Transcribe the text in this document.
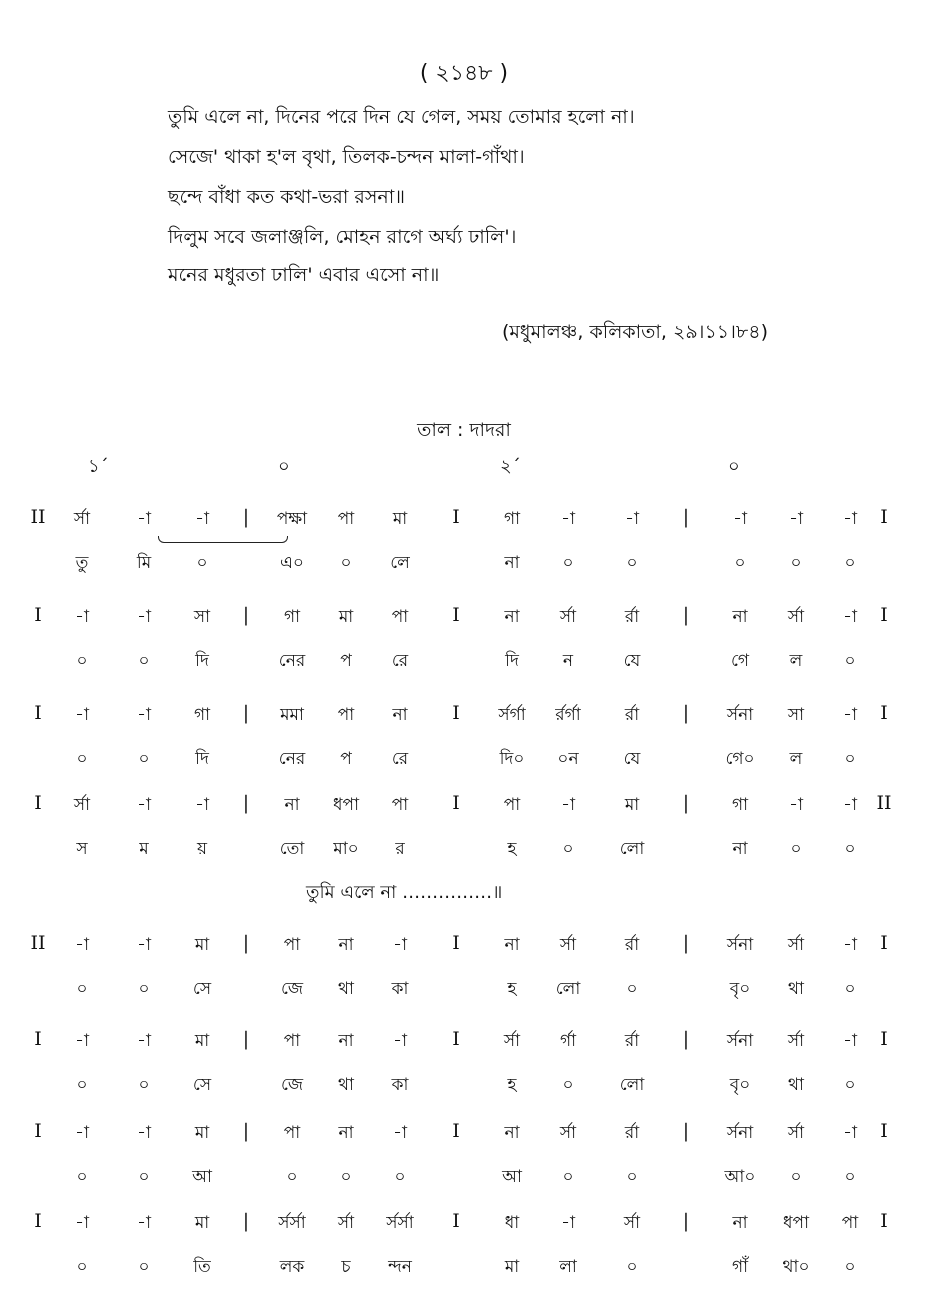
( ২১৪৮ )
তুমি এলে না, দিনের পরে দিন যে গেল, সময় তোমার হলো না।
সেজে' থাকা হ'ল বৃথা, তিলক-চন্দন মালা-গাঁথা।
ছন্দে বাঁধা কত কথা-ভরা রসনা॥
দিলুম সবে জলাঞ্জলি, মোহন রাগে অর্ঘ্য ঢালি'।
মনের মধুরতা ঢালি' এবার এসো না॥
(মধুমালঞ্চ, কলিকাতা, ২৯।১১।৮৪)
তাল : দাদরা
১´	০	২´	০
II র্সা	-া	-া | পক্ষা পা মা I	গা -া	-া |	-া -া -া I
তু	মি	০	এ০ ০ লে	না	০	০	০	০	০
I -া	-া	সা | গা মা পা I	না র্সা	র্রা |	না র্সা -া I
০	০	দি	নের প রে	দি	ন	যে	গে ল ০
I -া	-া	গা | মমা পা না I র্সর্গা র্রর্গা	র্রা | র্সনা সা -া I
০	০	দি	নের প রে	দি০ ০ন	যে	গে০ ল ০
I র্সা	-া	-া | না ধপা পা I	পা -া	মা |	গা -া -া II
স	ম	য়	তো মা০ র	হ	০	লো	না	০	০
II -া	-া	মা | পা না -া I	না র্সা	র্রা | র্সনা র্সা -া I
০	০	সে	জে থা কা	হ লো	০	বৃ০ থা ০
I -া	-া	মা | পা না -া I	র্সা র্গা	র্রা | র্সনা র্সা -া I
০	০	সে	জে থা কা	হ	০	লো	বৃ০ থা ০
I -া	-া	মা | পা না -া I	না র্সা	র্রা | র্সনা র্সা -া I
০	০	আ	০	০	০	আ ০	০	আ০ ০	০
I -া	-া	মা | র্সর্সা র্সা র্সর্সা I	ধা -া	র্সা |	না ধপা পা I
০	০	তি	লক চ ন্দন	মা লা	০	গাঁ থা০ ০
তুমি এলে না ……………॥
